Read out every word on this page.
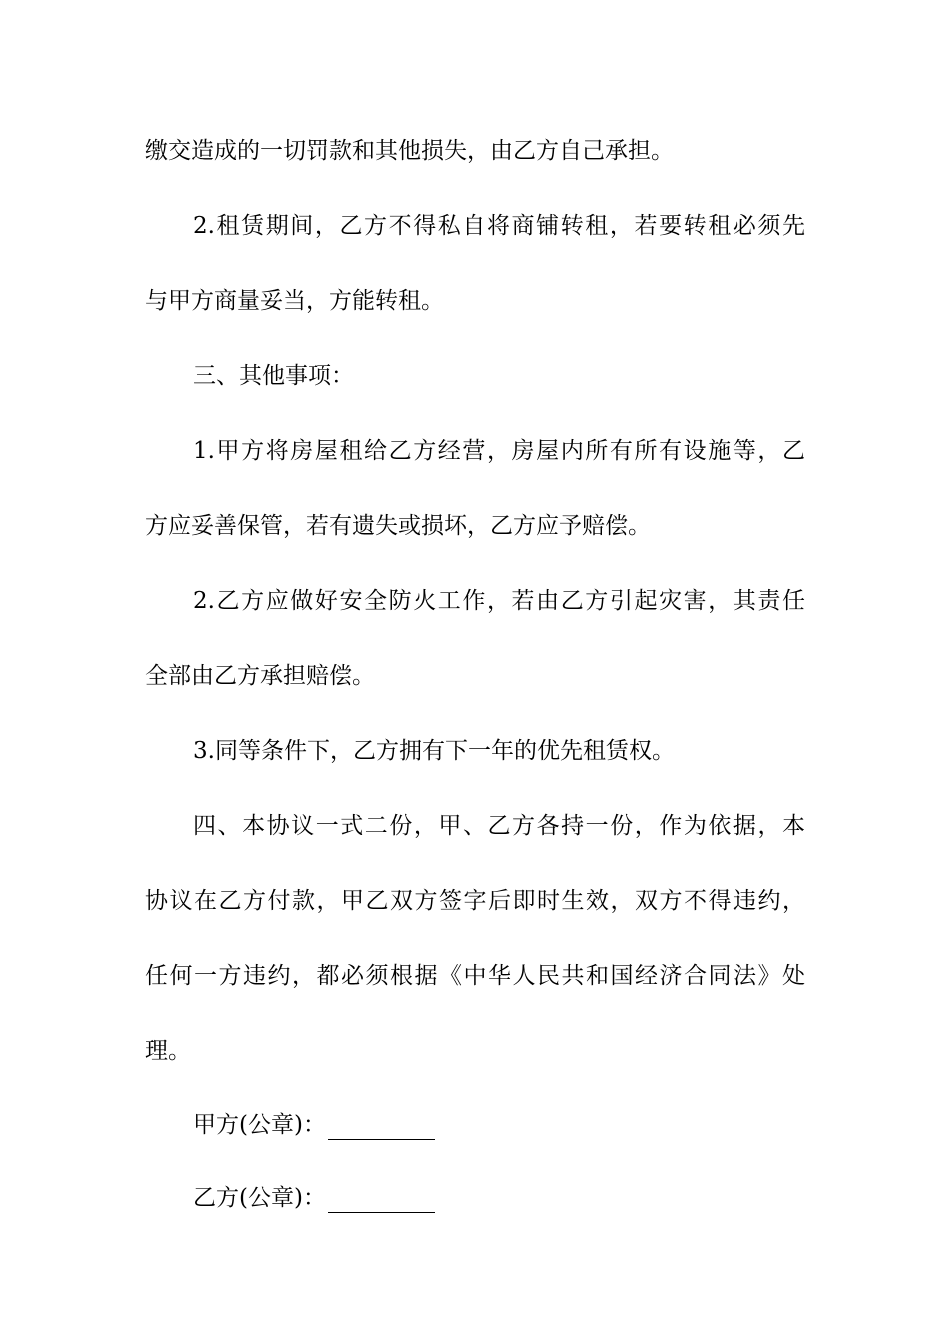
缴交造成的一切罚款和其他损失，由乙方自己承担。
2.租赁期间，乙方不得私自将商铺转租，若要转租必须先
与甲方商量妥当，方能转租。
三、其他事项：
1.甲方将房屋租给乙方经营，房屋内所有所有设施等，乙
方应妥善保管，若有遗失或损坏，乙方应予赔偿。
2.乙方应做好安全防火工作，若由乙方引起灾害，其责任
全部由乙方承担赔偿。
3.同等条件下，乙方拥有下一年的优先租赁权。
四、本协议一式二份，甲、乙方各持一份，作为依据，本
协议在乙方付款，甲乙双方签字后即时生效，双方不得违约，
任何一方违约，都必须根据《中华人民共和国经济合同法》处
理。
甲方(公章)：
乙方(公章)：
